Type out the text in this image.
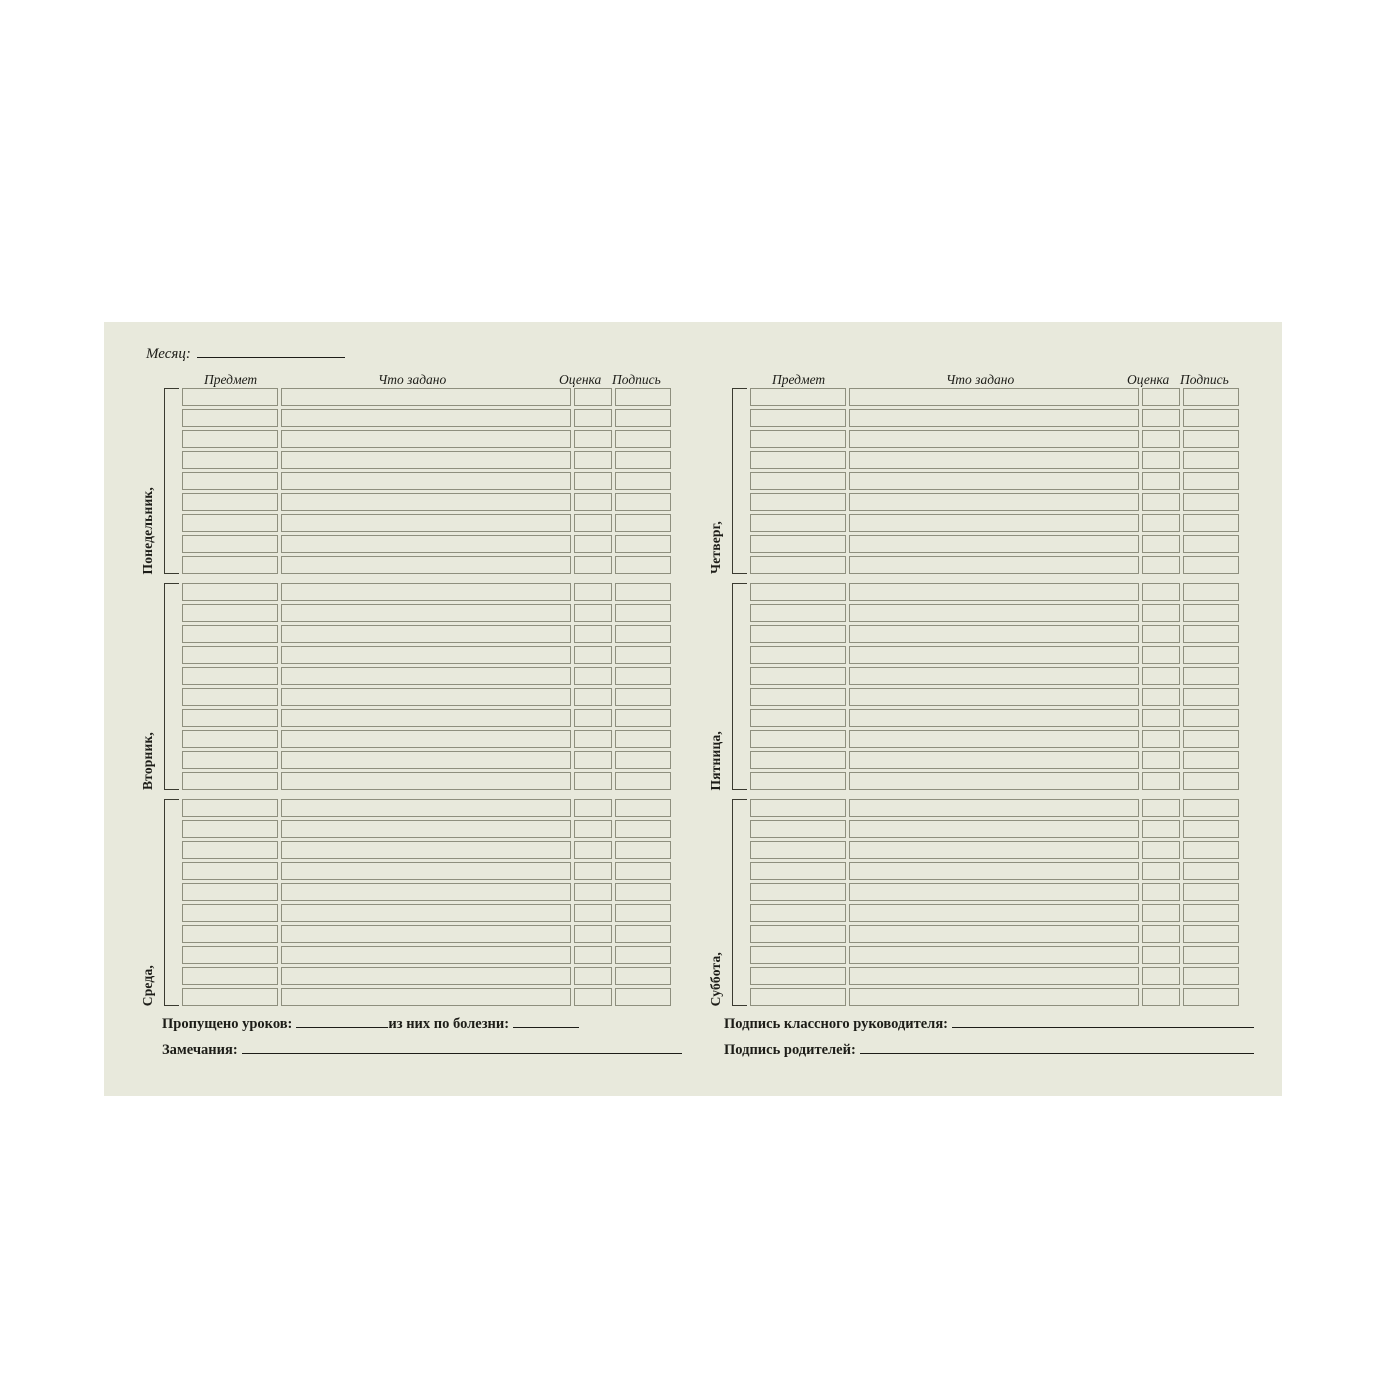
Месяц:
Предмет	Что задано	Оценка Подпись
Понедельник,
Вторник,
Среда,
Предмет	Что задано	Оценка Подпись
Четверг,
Пятница,
Суббота,
Пропущено уроков:	из них по болезни:
Замечания:
Подпись классного руководителя:
Подпись родителей:
